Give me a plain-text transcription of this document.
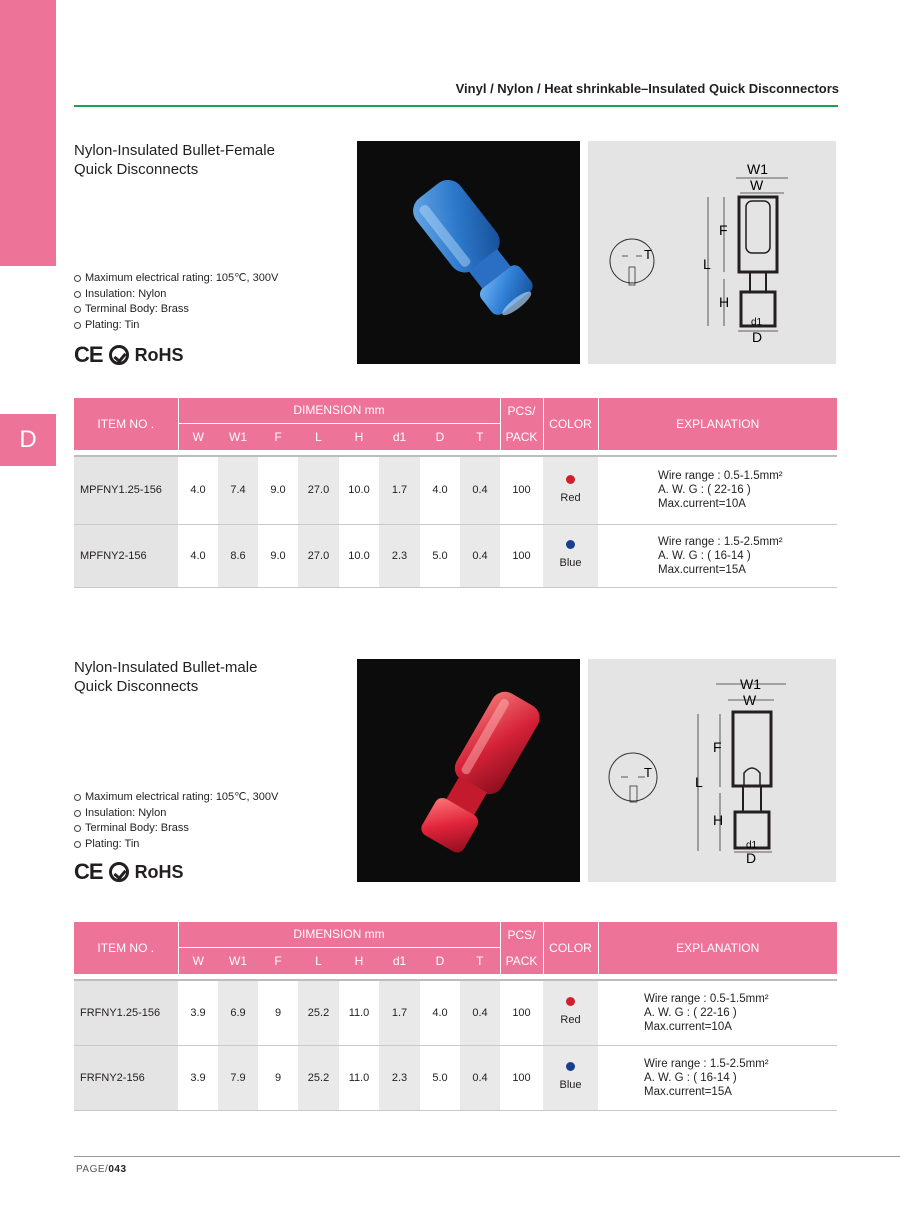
D
Vinyl / Nylon / Heat shrinkable–Insulated Quick Disconnectors
Nylon-Insulated Bullet-Female
Quick Disconnects
Maximum electrical rating: 105℃, 300V
Insulation: Nylon
Terminal Body: Brass
Plating: Tin
CE RoHS
T
W1
W
L
F
H
d1
D
ITEM NO .	DIMENSION mm								PCS/	COLOR	EXPLANATION
	W	W1	F	L	H	d1	D	T	PACK		

MPFNY1.25-156	4.0	7.4	9.0	27.0	10.0	1.7	4.0	0.4	100	Red	Wire range : 0.5-1.5mm²
A. W. G : ( 22-16 )
Max.current=10A

MPFNY2-156	4.0	8.6	9.0	27.0	10.0	2.3	5.0	0.4	100	Blue	Wire range : 1.5-2.5mm²
A. W. G : ( 16-14 )
Max.current=15A
Nylon-Insulated Bullet-male
Quick Disconnects
Maximum electrical rating: 105℃, 300V
Insulation: Nylon
Terminal Body: Brass
Plating: Tin
CE RoHS
T
W1
W
L
F
H
d1
D
ITEM NO .	DIMENSION mm								PCS/	COLOR	EXPLANATION
	W	W1	F	L	H	d1	D	T	PACK		

FRFNY1.25-156	3.9	6.9	9	25.2	11.0	1.7	4.0	0.4	100	Red	Wire range : 0.5-1.5mm²
A. W. G : ( 22-16 )
Max.current=10A

FRFNY2-156	3.9	7.9	9	25.2	11.0	2.3	5.0	0.4	100	Blue	Wire range : 1.5-2.5mm²
A. W. G : ( 16-14 )
Max.current=15A
PAGE/043
